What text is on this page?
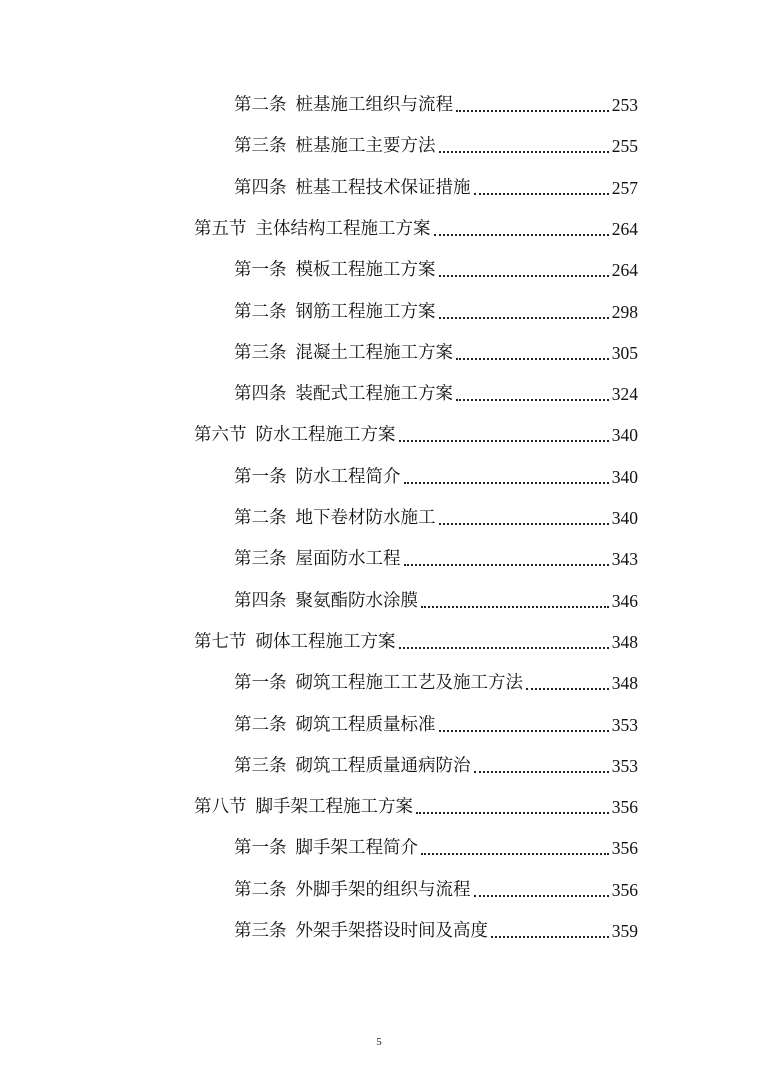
第二条 桩基施工组织与流程	253
第三条 桩基施工主要方法	255
第四条 桩基工程技术保证措施	257
第五节 主体结构工程施工方案	264
第一条 模板工程施工方案	264
第二条 钢筋工程施工方案	298
第三条 混凝土工程施工方案	305
第四条 装配式工程施工方案	324
第六节 防水工程施工方案	340
第一条 防水工程简介	340
第二条 地下卷材防水施工	340
第三条 屋面防水工程	343
第四条 聚氨酯防水涂膜	346
第七节 砌体工程施工方案	348
第一条 砌筑工程施工工艺及施工方法	348
第二条 砌筑工程质量标准	353
第三条 砌筑工程质量通病防治	353
第八节 脚手架工程施工方案	356
第一条 脚手架工程简介	356
第二条 外脚手架的组织与流程	356
第三条 外架手架搭设时间及高度	359
5
